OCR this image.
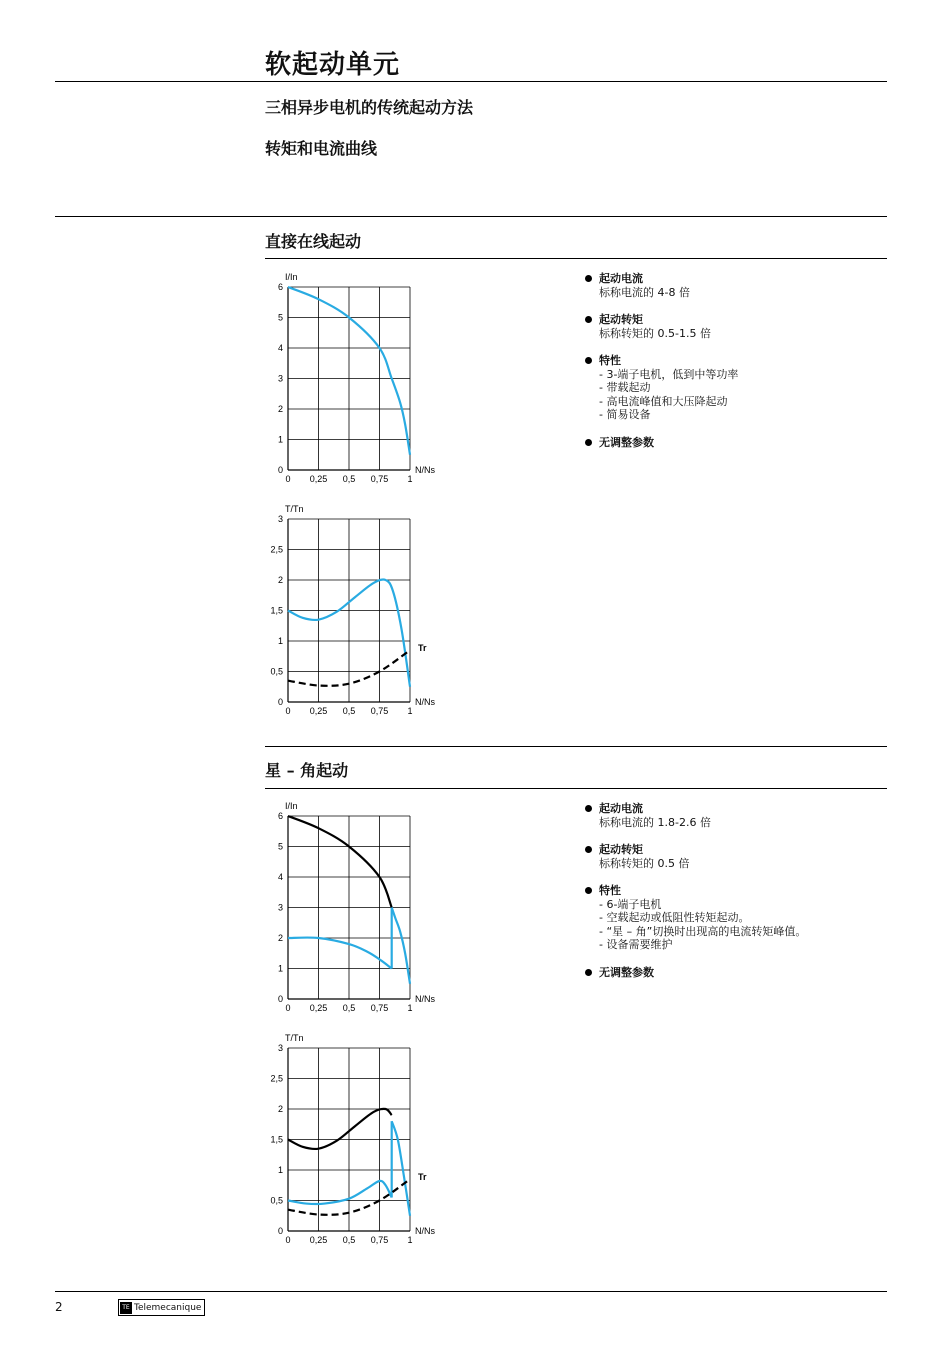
软起动单元
三相异步电机的传统起动方法
转矩和电流曲线
直接在线起动
0 0,25 0,5 0,75 1
0
1
2
3
4
5
6
I/In
N/Ns
0 0,25 0,5 0,75 1
0
0,5
1
1,5
2
2,5
3
T/Tn
N/Ns
Tr
起动电流
标称电流的 4-8 倍
起动转矩
标称转矩的 0.5-1.5 倍
特性
- 3-端子电机，低到中等功率
- 带载起动
- 高电流峰值和大压降起动
- 简易设备
无调整参数
星 – 角起动
0 0,25 0,5 0,75 1
0
1
2
3
4
5
6
I/In
N/Ns
0 0,25 0,5 0,75 1
0
0,5
1
1,5
2
2,5
3
T/Tn
N/Ns
Tr
起动电流
标称电流的 1.8-2.6 倍
起动转矩
标称转矩的 0.5 倍
特性
- 6-端子电机
- 空载起动或低阻性转矩起动。
- “星 – 角”切换时出现高的电流转矩峰值。
- 设备需要维护
无调整参数
2	TE Telemecanique
